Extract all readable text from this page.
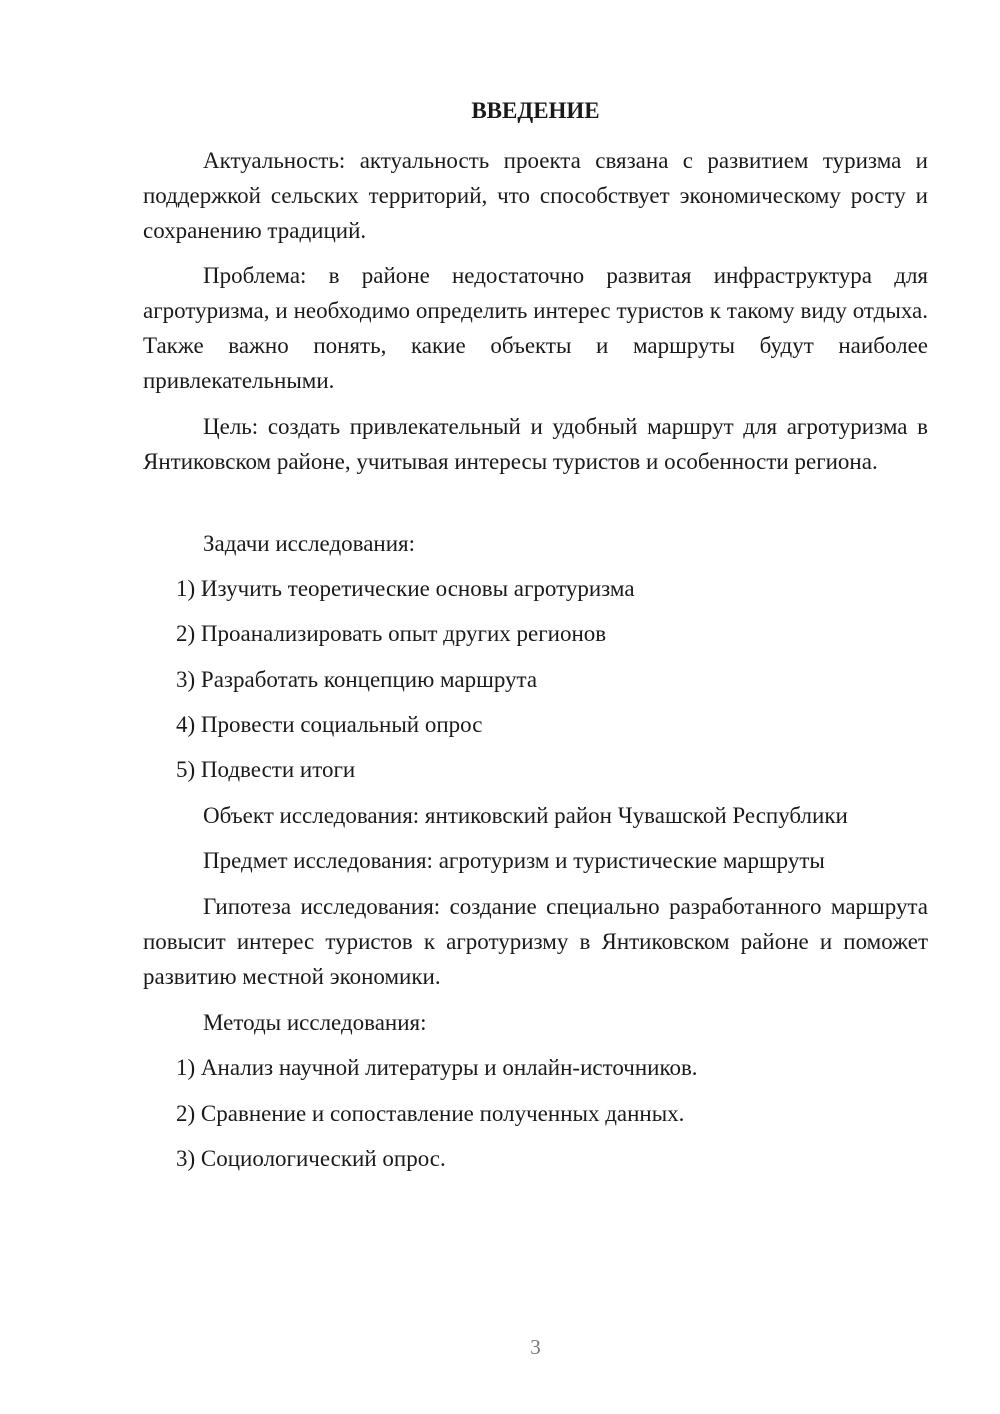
ВВЕДЕНИЕ

Актуальность: актуальность проекта связана с развитием туризма и поддержкой сельских территорий, что способствует экономическому росту и сохранению традиций.

Проблема: в районе недостаточно развитая инфраструктура для агротуризма, и необходимо определить интерес туристов к такому виду отдыха. Также важно понять, какие объекты и маршруты будут наиболее привлекательными.

Цель: создать привлекательный и удобный маршрут для агротуризма в Янтиковском районе, учитывая интересы туристов и особенности региона.

Задачи исследования:

1) Изучить теоретические основы агротуризма

2) Проанализировать опыт других регионов

3) Разработать концепцию маршрута

4) Провести социальный опрос

5) Подвести итоги

Объект исследования: янтиковский район Чувашской Республики

Предмет исследования: агротуризм и туристические маршруты

Гипотеза исследования: создание специально разработанного маршрута повысит интерес туристов к агротуризму в Янтиковском районе и поможет развитию местной экономики.

Методы исследования:

1) Анализ научной литературы и онлайн-источников.

2) Сравнение и сопоставление полученных данных.

3) Социологический опрос.

3
